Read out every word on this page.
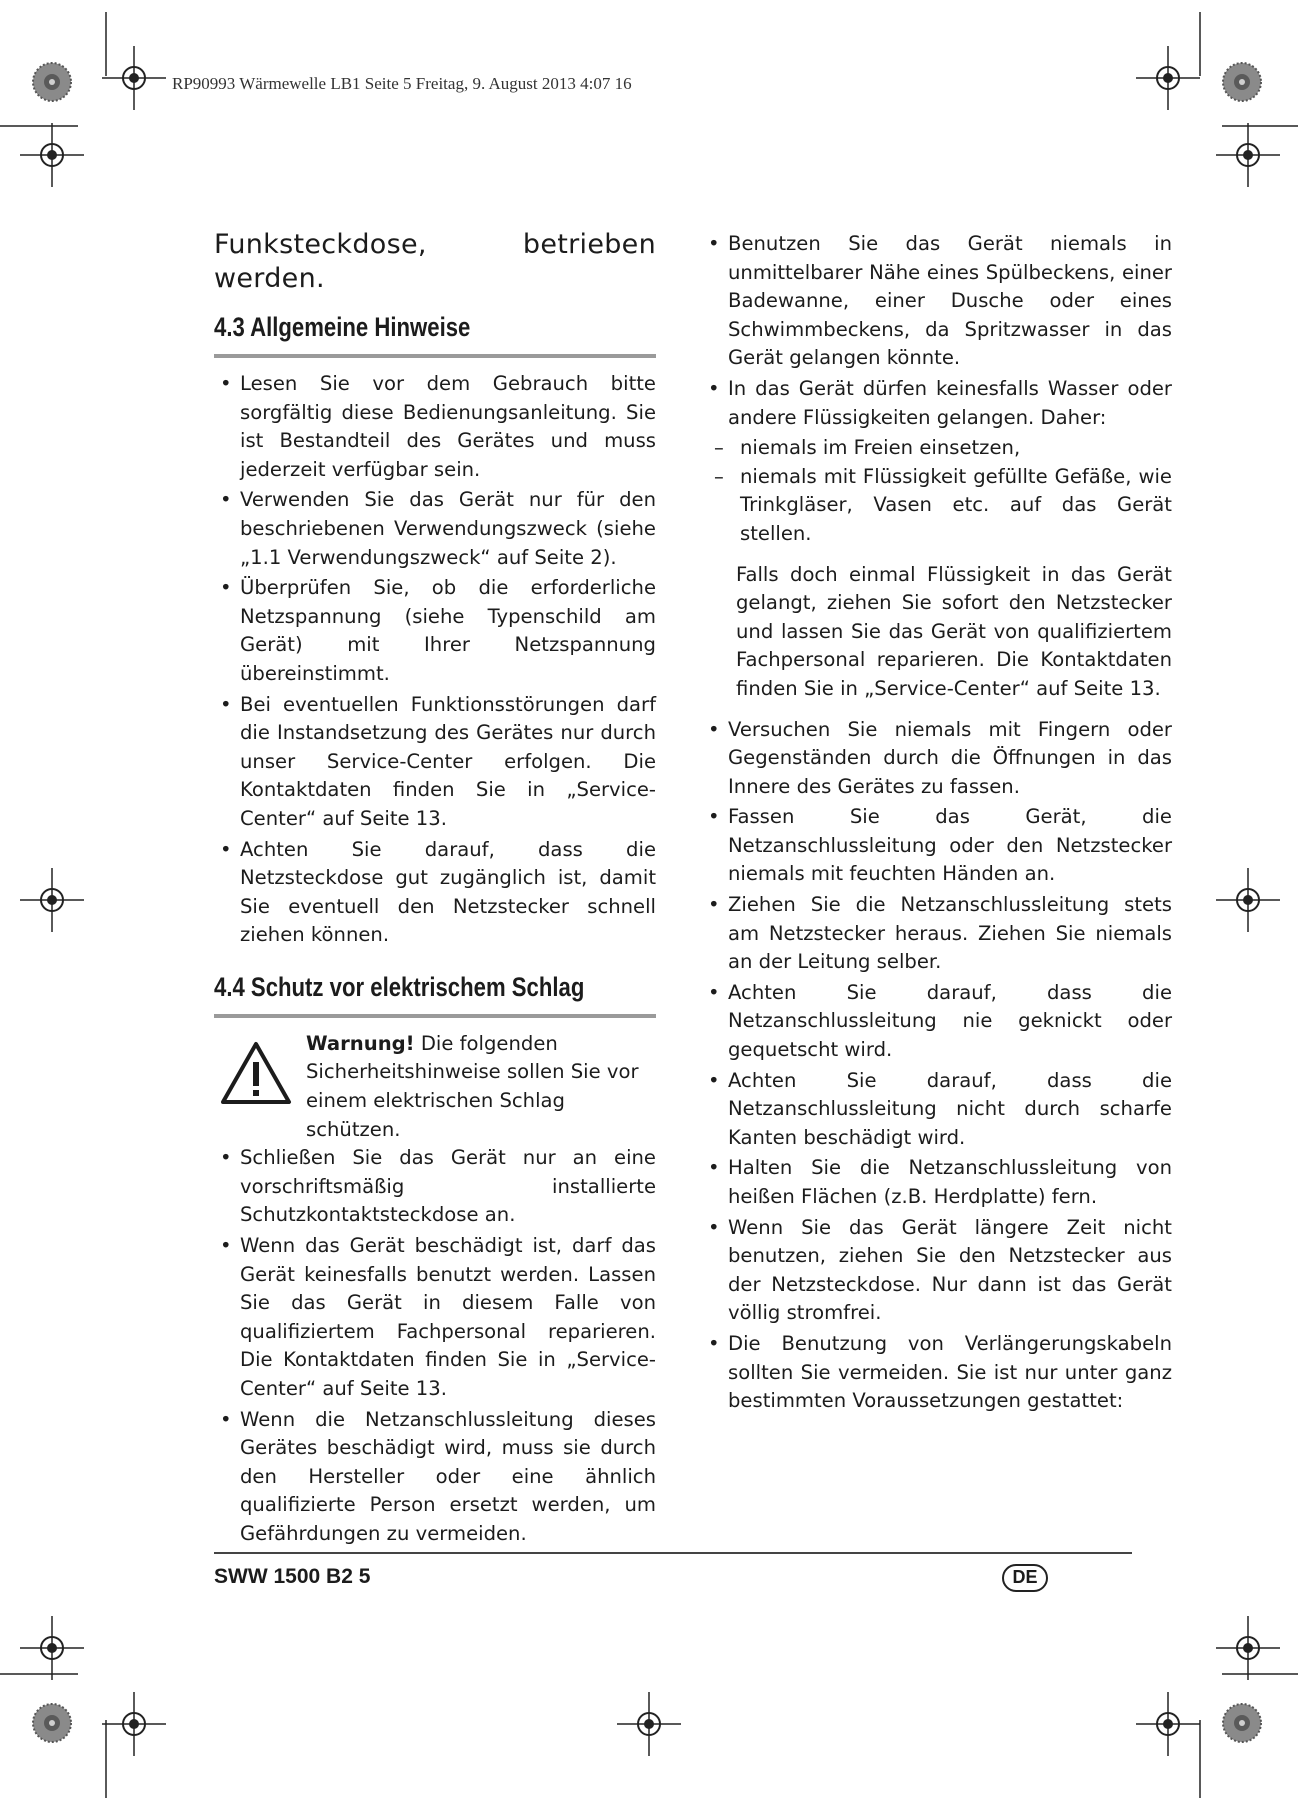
RP90993 Wärmewelle LB1 Seite 5 Freitag, 9. August 2013 4:07 16

Funksteckdose,	betrieben

werden.

4.3 Allgemeine Hinweise
• Lesen Sie vor dem Gebrauch bitte sorgfältig diese Bedienungsanleitung. Sie ist Bestandteil des Gerätes und muss jederzeit verfügbar sein.
• Verwenden Sie das Gerät nur für den beschriebenen Verwendungszweck (siehe „1.1 Verwendungszweck“ auf Seite 2).
• Überprüfen Sie, ob die erforderliche Netzspannung (siehe Typenschild am Gerät) mit Ihrer Netzspannung übereinstimmt.
• Bei eventuellen Funktionsstörungen darf die Instandsetzung des Gerätes nur durch unser Service-Center erfolgen. Die Kontaktdaten finden Sie in „Service-Center“ auf Seite 13.
• Achten Sie darauf, dass die Netzsteckdose gut zugänglich ist, damit Sie eventuell den Netzstecker schnell ziehen können.
4.4 Schutz vor elektrischem Schlag

Warnung! Die folgenden Sicherheitshinweise sollen Sie vor einem elektrischen Schlag schützen.

• Schließen Sie das Gerät nur an eine vorschriftsmäßig installierte Schutzkontaktsteckdose an.
• Wenn das Gerät beschädigt ist, darf das Gerät keinesfalls benutzt werden. Lassen Sie das Gerät in diesem Falle von qualifiziertem Fachpersonal reparieren. Die Kontaktdaten finden Sie in „Service-Center“ auf Seite 13.
• Wenn die Netzanschlussleitung dieses Gerätes beschädigt wird, muss sie durch den Hersteller oder eine ähnlich qualifizierte Person ersetzt werden, um Gefährdungen zu vermeiden.
• Benutzen Sie das Gerät niemals in unmittelbarer Nähe eines Spülbeckens, einer Badewanne, einer Dusche oder eines Schwimmbeckens, da Spritzwasser in das Gerät gelangen könnte.
• In das Gerät dürfen keinesfalls Wasser oder andere Flüssigkeiten gelangen. Daher:
– niemals im Freien einsetzen,
– niemals mit Flüssigkeit gefüllte Gefäße, wie Trinkgläser, Vasen etc. auf das Gerät stellen.

Falls doch einmal Flüssigkeit in das Gerät gelangt, ziehen Sie sofort den Netzstecker und lassen Sie das Gerät von qualifiziertem Fachpersonal reparieren. Die Kontaktdaten finden Sie in „Service-Center“ auf Seite 13.

• Versuchen Sie niemals mit Fingern oder Gegenständen durch die Öffnungen in das Innere des Gerätes zu fassen.
• Fassen Sie das Gerät, die Netzanschlussleitung oder den Netzstecker niemals mit feuchten Händen an.
• Ziehen Sie die Netzanschlussleitung stets am Netzstecker heraus. Ziehen Sie niemals an der Leitung selber.
• Achten Sie darauf, dass die Netzanschlussleitung nie geknickt oder gequetscht wird.
• Achten Sie darauf, dass die Netzanschlussleitung nicht durch scharfe Kanten beschädigt wird.
• Halten Sie die Netzanschlussleitung von heißen Flächen (z.B. Herdplatte) fern.
• Wenn Sie das Gerät längere Zeit nicht benutzen, ziehen Sie den Netzstecker aus der Netzsteckdose. Nur dann ist das Gerät völlig stromfrei.
• Die Benutzung von Verlängerungskabeln sollten Sie vermeiden. Sie ist nur unter ganz bestimmten Voraussetzungen gestattet:
SWW 1500 B2 5	DE
